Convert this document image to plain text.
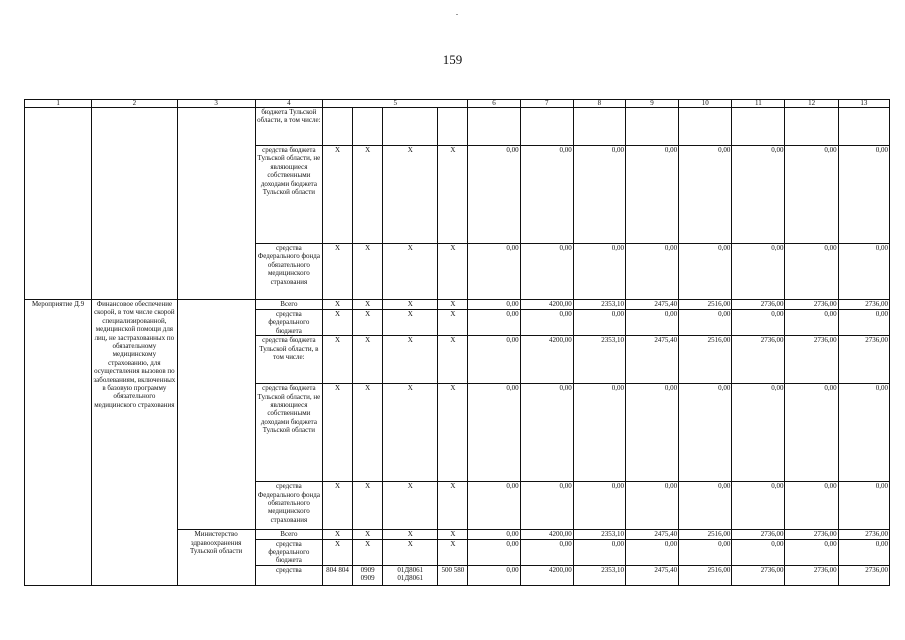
159
1	2	3	4	5				6	7	8	9	10	11	12	13
			бюджета Тульской области, в том числе:												
			средства бюджета Тульской области, не являющиеся собственными доходами бюджета Тульской области	X	X	X	X	0,00	0,00	0,00	0,00	0,00	0,00	0,00	0,00
			средства Федерального фонда обязательного медицинского страхования	X	X	X	X	0,00	0,00	0,00	0,00	0,00	0,00	0,00	0,00
Мероприятие Д.9	Финансовое обеспечение скорой, в том числе скорой специализированной, медицинской помощи для лиц, не застрахованных по обязательному медицинскому страхованию, для осуществления вызовов по заболеваниям, включенных в базовую программу обязательного медицинского страхования		Всего	X	X	X	X	0,00	4200,00	2353,10	2475,40	2516,00	2736,00	2736,00	2736,00
			средства федерального бюджета	X	X	X	X	0,00	0,00	0,00	0,00	0,00	0,00	0,00	0,00
			средства бюджета Тульской области, в том числе:	X	X	X	X	0,00	4200,00	2353,10	2475,40	2516,00	2736,00	2736,00	2736,00
			средства бюджета Тульской области, не являющиеся собственными доходами бюджета Тульской области	X	X	X	X	0,00	0,00	0,00	0,00	0,00	0,00	0,00	0,00
			средства Федерального фонда обязательного медицинского страхования	X	X	X	X	0,00	0,00	0,00	0,00	0,00	0,00	0,00	0,00
		Министерство здравоохранения Тульской области	Всего	X	X	X	X	0,00	4200,00	2353,10	2475,40	2516,00	2736,00	2736,00	2736,00
			средства федерального бюджета	X	X	X	X	0,00	0,00	0,00	0,00	0,00	0,00	0,00	0,00
			средства	804 804	0909 0909	01Д8061 01Д8061	500 580	0,00	4200,00	2353,10	2475,40	2516,00	2736,00	2736,00	2736,00
